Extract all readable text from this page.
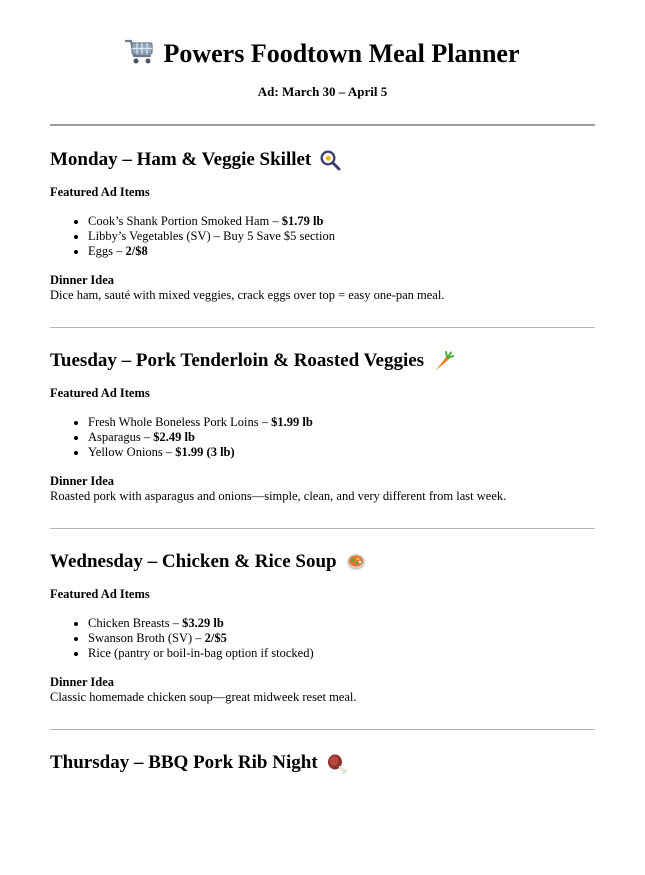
Powers Foodtown Meal Planner
Ad: March 30 – April 5
Monday – Ham & Veggie Skillet

Featured Ad Items

• Cook’s Shank Portion Smoked Ham – $1.79 lb
• Libby’s Vegetables (SV) – Buy 5 Save $5 section
• Eggs – 2/$8

Dinner Idea

Dice ham, sauté with mixed veggies, crack eggs over top = easy one-pan meal.

Tuesday – Pork Tenderloin & Roasted Veggies

Featured Ad Items

• Fresh Whole Boneless Pork Loins – $1.99 lb
• Asparagus – $2.49 lb
• Yellow Onions – $1.99 (3 lb)

Dinner Idea

Roasted pork with asparagus and onions—simple, clean, and very different from last week.

Wednesday – Chicken & Rice Soup

Featured Ad Items

• Chicken Breasts – $3.29 lb
• Swanson Broth (SV) – 2/$5
• Rice (pantry or boil-in-bag option if stocked)

Dinner Idea

Classic homemade chicken soup—great midweek reset meal.

Thursday – BBQ Pork Rib Night
